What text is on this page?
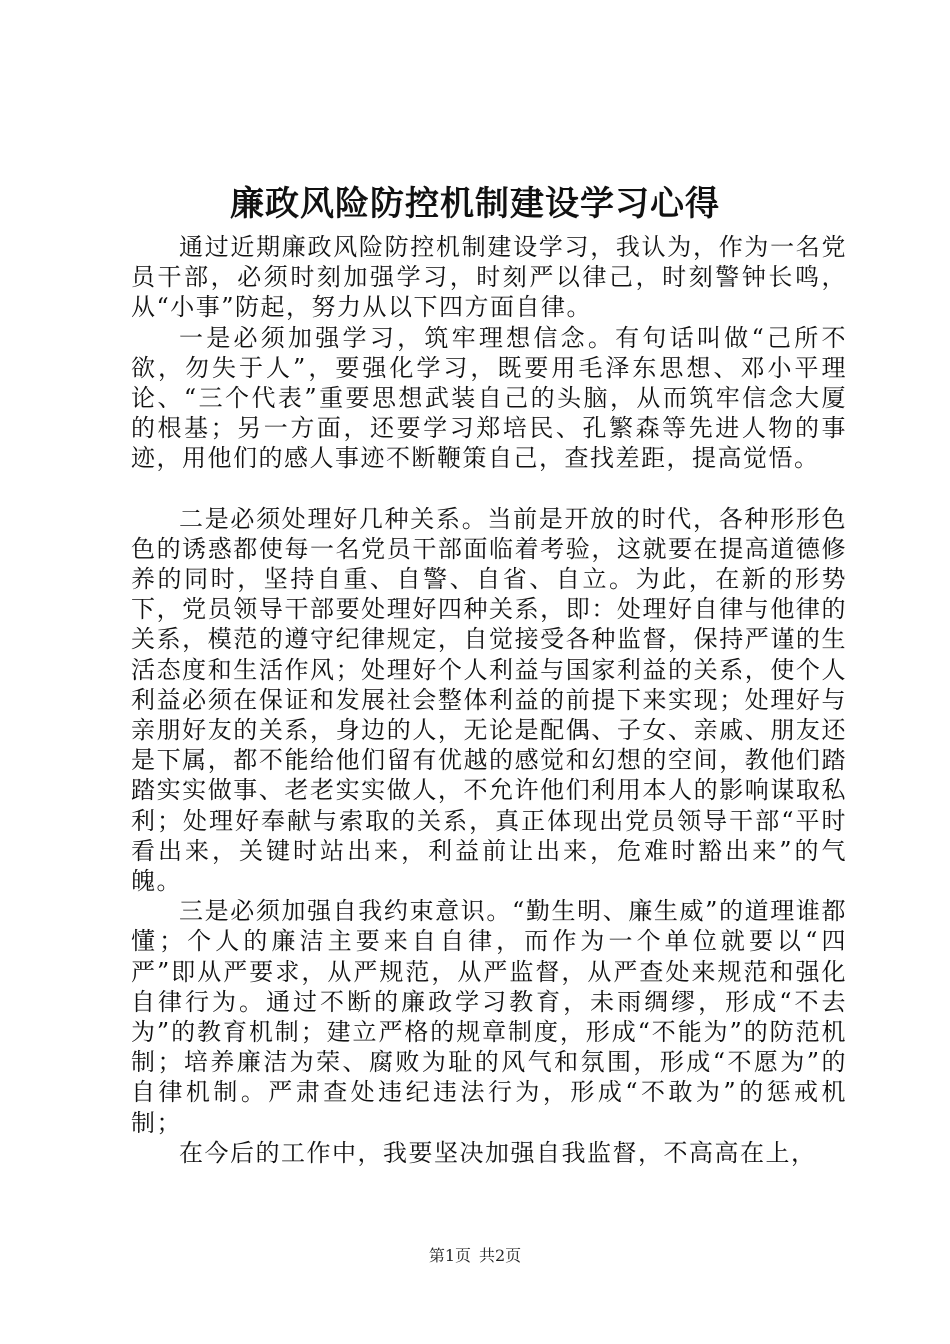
廉政风险防控机制建设学习心得

通过近期廉政风险防控机制建设学习，我认为，作为一名党员干部，必须时刻加强学习，时刻严以律己，时刻警钟长鸣，从“小事”防起，努力从以下四方面自律。

一是必须加强学习，筑牢理想信念。有句话叫做“己所不欲，勿失于人”，要强化学习，既要用毛泽东思想、邓小平理论、“三个代表”重要思想武装自己的头脑，从而筑牢信念大厦的根基；另一方面，还要学习郑培民、孔繁森等先进人物的事迹，用他们的感人事迹不断鞭策自己，查找差距，提高觉悟。

二是必须处理好几种关系。当前是开放的时代，各种形形色色的诱惑都使每一名党员干部面临着考验，这就要在提高道德修养的同时，坚持自重、自警、自省、自立。为此，在新的形势下，党员领导干部要处理好四种关系，即：处理好自律与他律的关系，模范的遵守纪律规定，自觉接受各种监督，保持严谨的生活态度和生活作风；处理好个人利益与国家利益的关系，使个人利益必须在保证和发展社会整体利益的前提下来实现；处理好与亲朋好友的关系，身边的人，无论是配偶、子女、亲戚、朋友还是下属，都不能给他们留有优越的感觉和幻想的空间，教他们踏踏实实做事、老老实实做人，不允许他们利用本人的影响谋取私利；处理好奉献与索取的关系，真正体现出党员领导干部“平时看出来，关键时站出来，利益前让出来，危难时豁出来”的气魄。

三是必须加强自我约束意识。“勤生明、廉生威”的道理谁都懂；个人的廉洁主要来自自律，而作为一个单位就要以“四严”即从严要求，从严规范，从严监督，从严查处来规范和强化自律行为。通过不断的廉政学习教育，未雨绸缪，形成“不去为”的教育机制；建立严格的规章制度，形成“不能为”的防范机制；培养廉洁为荣、腐败为耻的风气和氛围，形成“不愿为”的自律机制。严肃查处违纪违法行为，形成“不敢为”的惩戒机制；

在今后的工作中，我要坚决加强自我监督，不高高在上，

第1页 共2页
